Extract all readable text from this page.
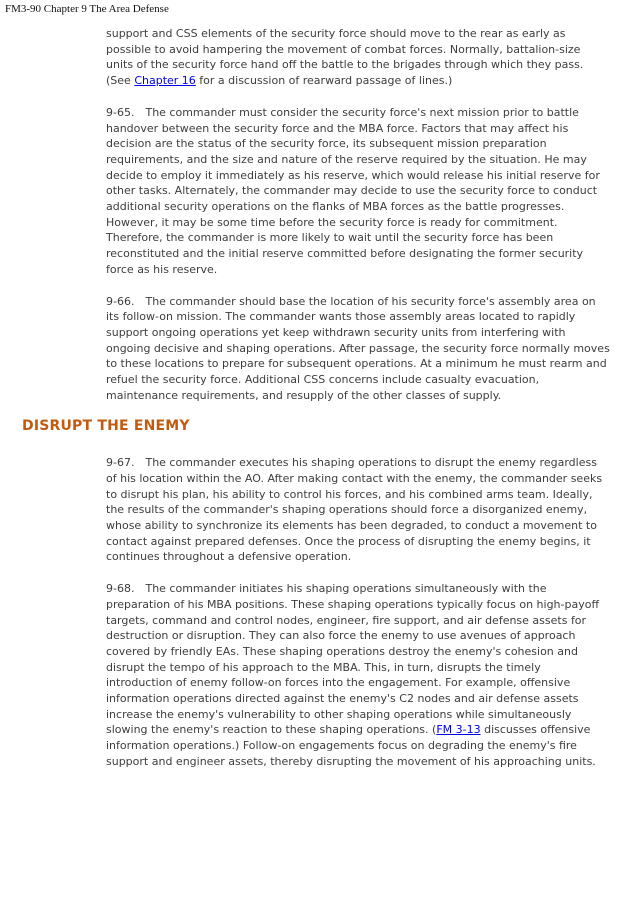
FM3-90 Chapter 9 The Area Defense

support and CSS elements of the security force should move to the rear as early as possible to avoid hampering the movement of combat forces. Normally, battalion-size units of the security force hand off the battle to the brigades through which they pass. (See Chapter 16 for a discussion of rearward passage of lines.)

9-65. The commander must consider the security force's next mission prior to battle handover between the security force and the MBA force. Factors that may affect his decision are the status of the security force, its subsequent mission preparation requirements, and the size and nature of the reserve required by the situation. He may decide to employ it immediately as his reserve, which would release his initial reserve for other tasks. Alternately, the commander may decide to use the security force to conduct additional security operations on the flanks of MBA forces as the battle progresses. However, it may be some time before the security force is ready for commitment. Therefore, the commander is more likely to wait until the security force has been reconstituted and the initial reserve committed before designating the former security force as his reserve.

9-66. The commander should base the location of his security force's assembly area on its follow-on mission. The commander wants those assembly areas located to rapidly support ongoing operations yet keep withdrawn security units from interfering with ongoing decisive and shaping operations. After passage, the security force normally moves to these locations to prepare for subsequent operations. At a minimum he must rearm and refuel the security force. Additional CSS concerns include casualty evacuation, maintenance requirements, and resupply of the other classes of supply.

DISRUPT THE ENEMY

9-67. The commander executes his shaping operations to disrupt the enemy regardless of his location within the AO. After making contact with the enemy, the commander seeks to disrupt his plan, his ability to control his forces, and his combined arms team. Ideally, the results of the commander's shaping operations should force a disorganized enemy, whose ability to synchronize its elements has been degraded, to conduct a movement to contact against prepared defenses. Once the process of disrupting the enemy begins, it continues throughout a defensive operation.

9-68. The commander initiates his shaping operations simultaneously with the preparation of his MBA positions. These shaping operations typically focus on high-payoff targets, command and control nodes, engineer, fire support, and air defense assets for destruction or disruption. They can also force the enemy to use avenues of approach covered by friendly EAs. These shaping operations destroy the enemy's cohesion and disrupt the tempo of his approach to the MBA. This, in turn, disrupts the timely introduction of enemy follow-on forces into the engagement. For example, offensive information operations directed against the enemy's C2 nodes and air defense assets increase the enemy's vulnerability to other shaping operations while simultaneously slowing the enemy's reaction to these shaping operations. (FM 3-13 discusses offensive information operations.) Follow-on engagements focus on degrading the enemy's fire support and engineer assets, thereby disrupting the movement of his approaching units.
